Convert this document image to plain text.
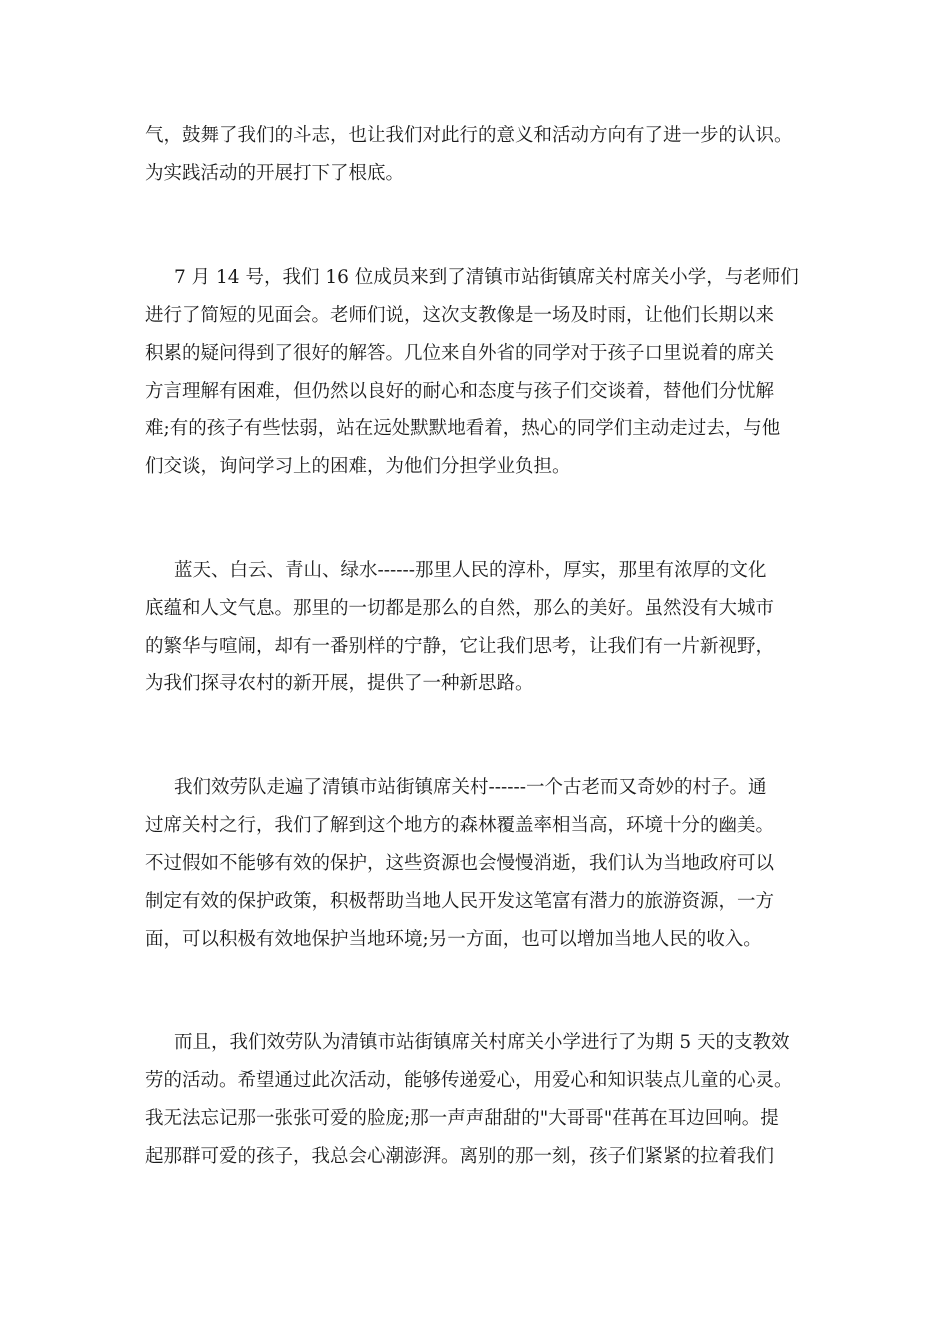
气，鼓舞了我们的斗志，也让我们对此行的意义和活动方向有了进一步的认识。
为实践活动的开展打下了根底。
7 月 14 号，我们 16 位成员来到了清镇市站街镇席关村席关小学，与老师们
进行了简短的见面会。老师们说，这次支教像是一场及时雨，让他们长期以来
积累的疑问得到了很好的解答。几位来自外省的同学对于孩子口里说着的席关
方言理解有困难，但仍然以良好的耐心和态度与孩子们交谈着，替他们分忧解
难;有的孩子有些怯弱，站在远处默默地看着，热心的同学们主动走过去，与他
们交谈，询问学习上的困难，为他们分担学业负担。
蓝天、白云、青山、绿水------那里人民的淳朴，厚实，那里有浓厚的文化
底蕴和人文气息。那里的一切都是那么的自然，那么的美好。虽然没有大城市
的繁华与喧闹，却有一番别样的宁静，它让我们思考，让我们有一片新视野，
为我们探寻农村的新开展，提供了一种新思路。
我们效劳队走遍了清镇市站街镇席关村------一个古老而又奇妙的村子。通
过席关村之行，我们了解到这个地方的森林覆盖率相当高，环境十分的幽美。
不过假如不能够有效的保护，这些资源也会慢慢消逝，我们认为当地政府可以
制定有效的保护政策，积极帮助当地人民开发这笔富有潜力的旅游资源，一方
面，可以积极有效地保护当地环境;另一方面，也可以增加当地人民的收入。
而且，我们效劳队为清镇市站街镇席关村席关小学进行了为期 5 天的支教效
劳的活动。希望通过此次活动，能够传递爱心，用爱心和知识装点儿童的心灵。
我无法忘记那一张张可爱的脸庞;那一声声甜甜的"大哥哥"荏苒在耳边回响。提
起那群可爱的孩子，我总会心潮澎湃。离别的那一刻，孩子们紧紧的拉着我们
